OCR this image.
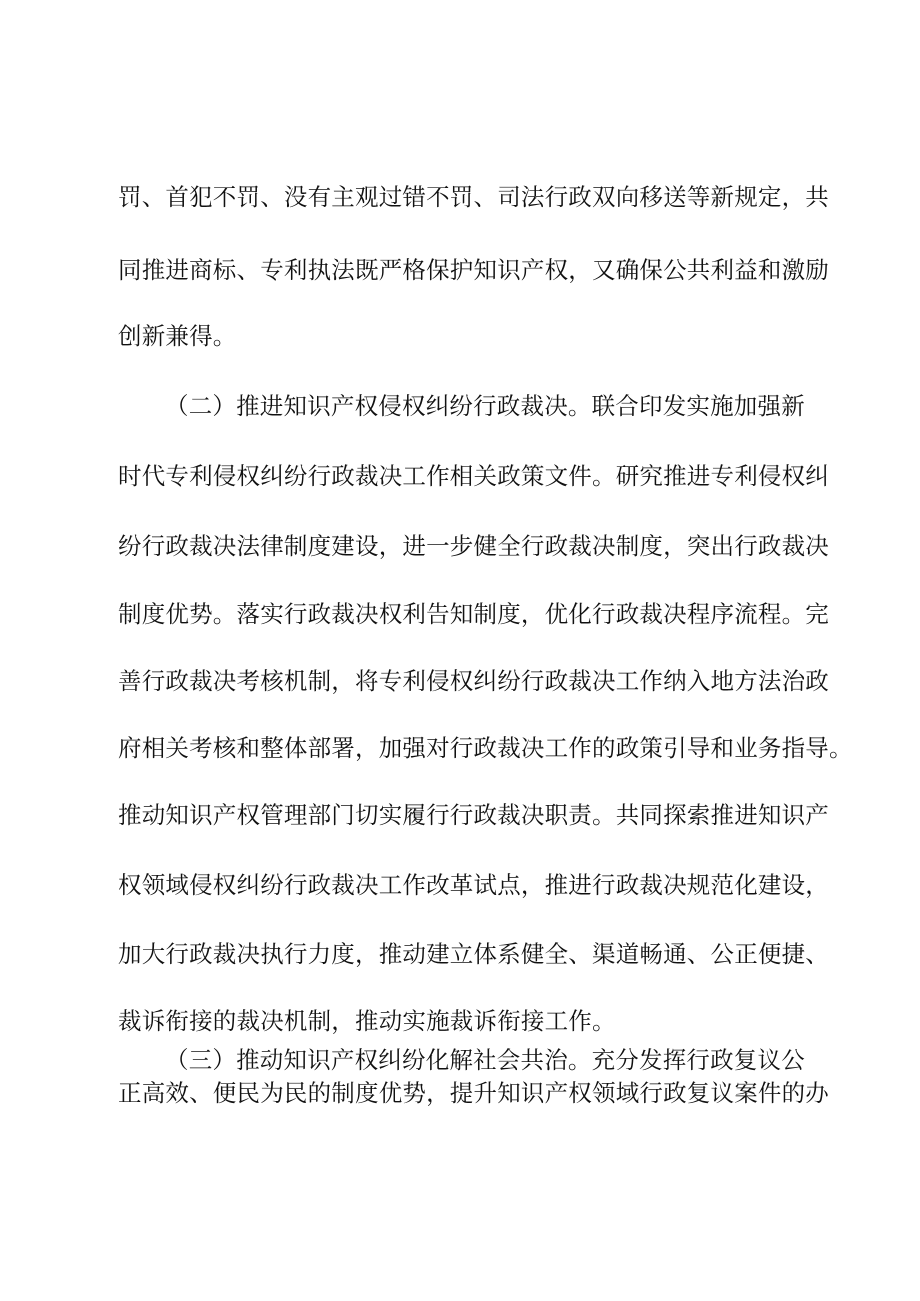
罚、首犯不罚、没有主观过错不罚、司法行政双向移送等新规定，共
同推进商标、专利执法既严格保护知识产权，又确保公共利益和激励
创新兼得。
（二）推进知识产权侵权纠纷行政裁决。联合印发实施加强新
时代专利侵权纠纷行政裁决工作相关政策文件。研究推进专利侵权纠
纷行政裁决法律制度建设，进一步健全行政裁决制度，突出行政裁决
制度优势。落实行政裁决权利告知制度，优化行政裁决程序流程。完
善行政裁决考核机制，将专利侵权纠纷行政裁决工作纳入地方法治政
府相关考核和整体部署，加强对行政裁决工作的政策引导和业务指导。
推动知识产权管理部门切实履行行政裁决职责。共同探索推进知识产
权领域侵权纠纷行政裁决工作改革试点，推进行政裁决规范化建设，
加大行政裁决执行力度，推动建立体系健全、渠道畅通、公正便捷、
裁诉衔接的裁决机制，推动实施裁诉衔接工作。
（三）推动知识产权纠纷化解社会共治。充分发挥行政复议公
正高效、便民为民的制度优势，提升知识产权领域行政复议案件的办
